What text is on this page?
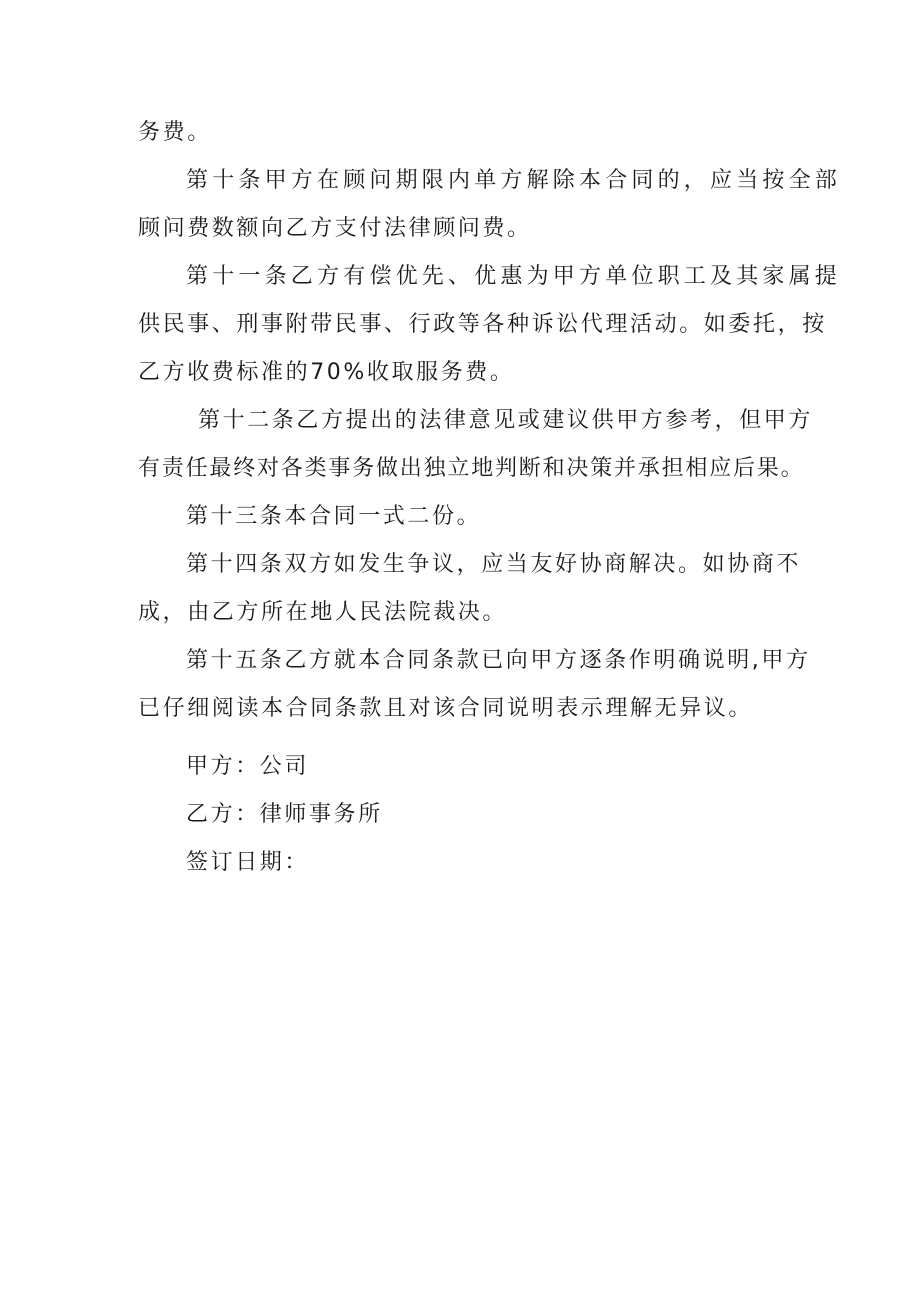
务费。

第十条甲方在顾问期限内单方解除本合同的，应当按全部

顾问费数额向乙方支付法律顾问费。

第十一条乙方有偿优先、优惠为甲方单位职工及其家属提

供民事、刑事附带民事、行政等各种诉讼代理活动。如委托，按

乙方收费标准的70%收取服务费。

第十二条乙方提出的法律意见或建议供甲方参考，但甲方

有责任最终对各类事务做出独立地判断和决策并承担相应后果。

第十三条本合同一式二份。

第十四条双方如发生争议，应当友好协商解决。如协商不

成，由乙方所在地人民法院裁决。

第十五条乙方就本合同条款已向甲方逐条作明确说明,甲方

已仔细阅读本合同条款且对该合同说明表示理解无异议。

甲方：公司

乙方：律师事务所

签订日期：
